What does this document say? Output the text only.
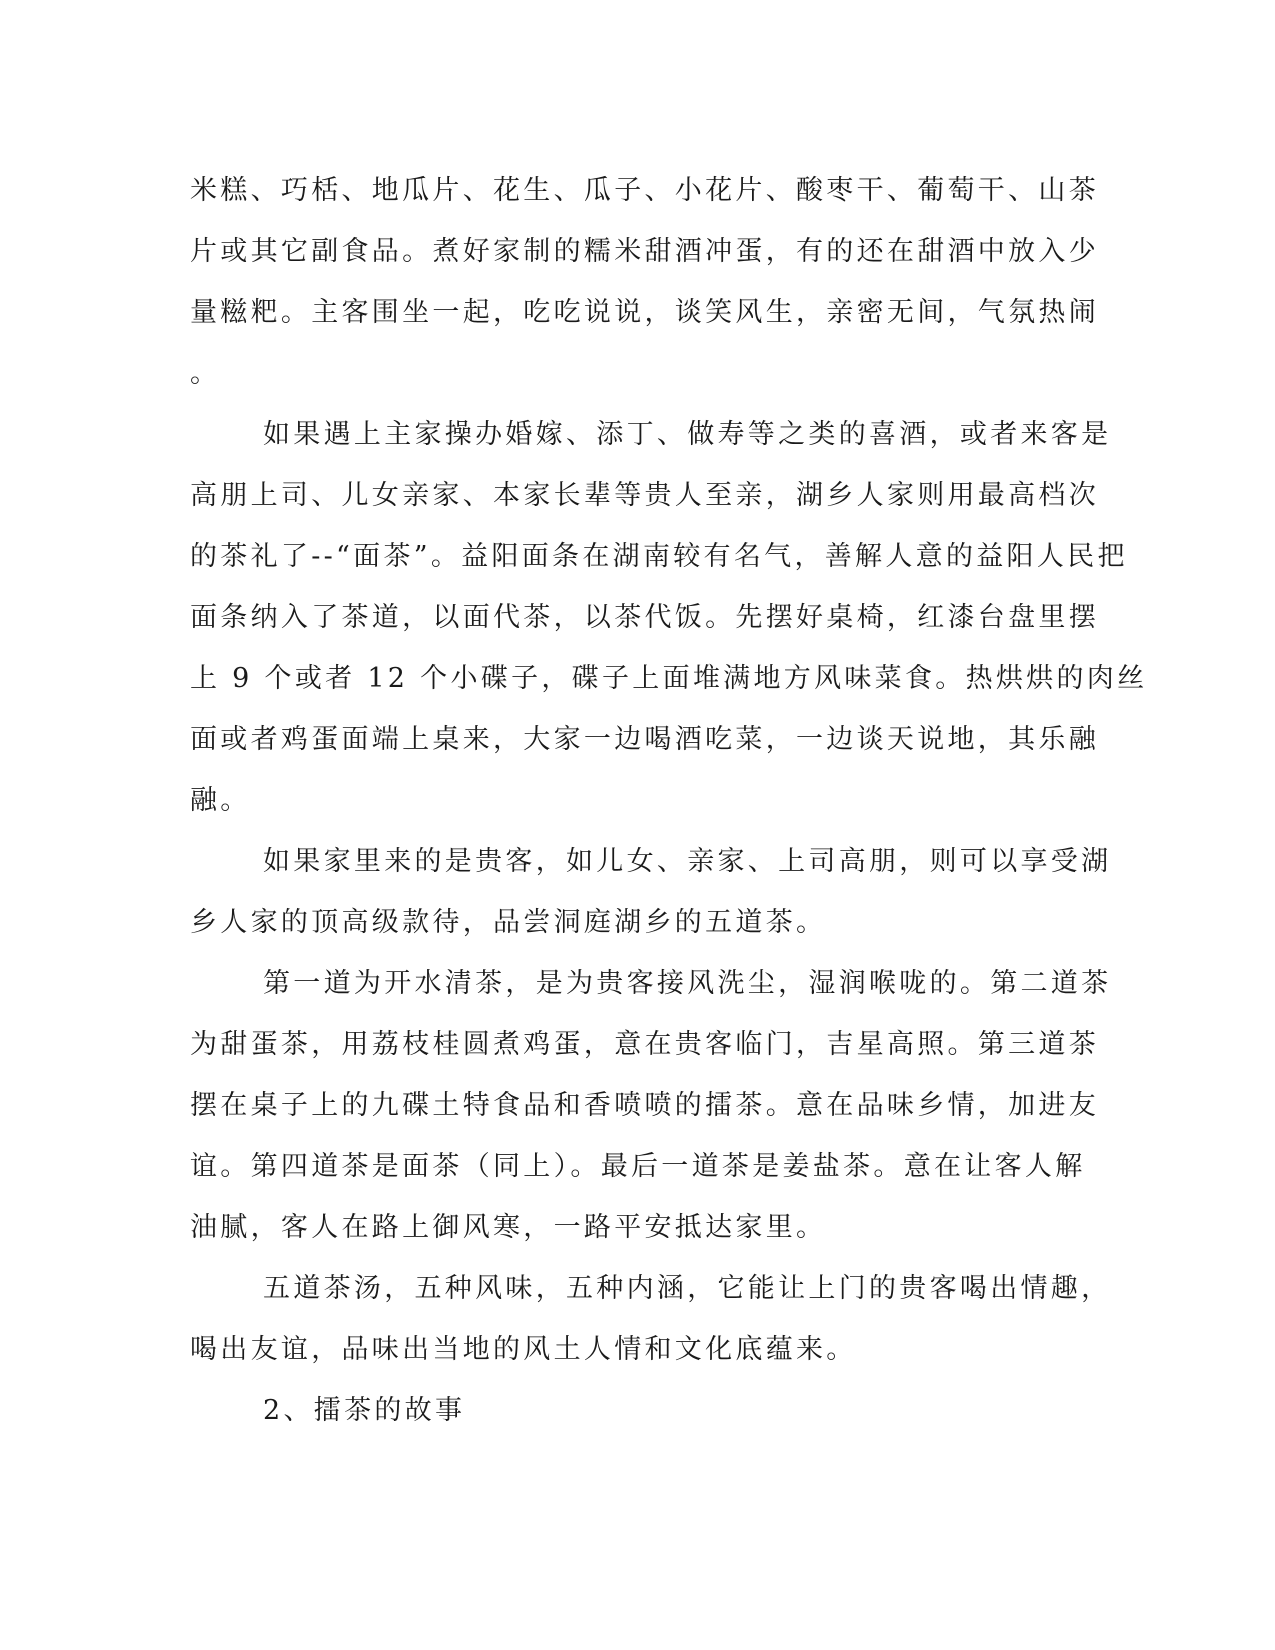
米糕、巧栝、地瓜片、花生、瓜子、小花片、酸枣干、葡萄干、山茶
片或其它副食品。煮好家制的糯米甜酒冲蛋，有的还在甜酒中放入少
量糍粑。主客围坐一起，吃吃说说，谈笑风生，亲密无间，气氛热闹
。
如果遇上主家操办婚嫁、添丁、做寿等之类的喜酒，或者来客是
高朋上司、儿女亲家、本家长辈等贵人至亲，湖乡人家则用最高档次
的茶礼了--“面茶”。益阳面条在湖南较有名气，善解人意的益阳人民把
面条纳入了茶道，以面代茶，以茶代饭。先摆好桌椅，红漆台盘里摆
上 9 个或者 12 个小碟子，碟子上面堆满地方风味菜食。热烘烘的肉丝
面或者鸡蛋面端上桌来，大家一边喝酒吃菜，一边谈天说地，其乐融
融。
如果家里来的是贵客，如儿女、亲家、上司高朋，则可以享受湖
乡人家的顶高级款待，品尝洞庭湖乡的五道茶。
第一道为开水清茶，是为贵客接风洗尘，湿润喉咙的。第二道茶
为甜蛋茶，用荔枝桂圆煮鸡蛋，意在贵客临门，吉星高照。第三道茶
摆在桌子上的九碟土特食品和香喷喷的擂茶。意在品味乡情，加进友
谊。第四道茶是面茶（同上）。最后一道茶是姜盐茶。意在让客人解
油腻，客人在路上御风寒，一路平安抵达家里。
五道茶汤，五种风味，五种内涵，它能让上门的贵客喝出情趣，
喝出友谊，品味出当地的风土人情和文化底蕴来。
2、擂茶的故事
